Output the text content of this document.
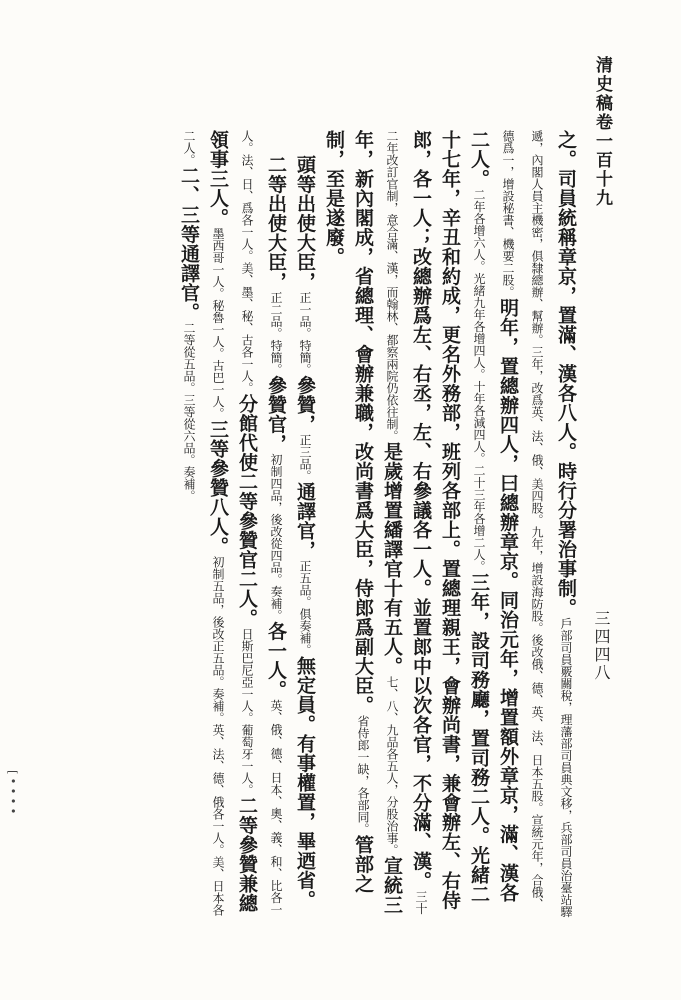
清史稿卷一百十九
三四四八

之。司員統稱章京，置滿、漢各八人。時行分署治事制。戶部司員覈關稅，理藩部司員典文移，兵部司員治臺站驛遞，內閣人員主機密，俱隸總辦、幫辦。三年，改爲英、法、俄、美四股。九年，增設海防股。後改俄、德、英、法、日本五股。宣統元年，合俄、德爲一，增設秘書、機要二股。明年，置總辦四人，曰總辦章京。同治元年，增置額外章京，滿、漢各二人。二年各增六人。光緒九年各增四人。十年各減四人。二十三年各增二人。三年，設司務廳，置司務二人。光緒二十七年，辛丑和約成，更名外務部，班列各部上。置總理親王，會辦尚書，兼會辦左、右侍郎，各一人；改總辦爲左、右丞，左、右參議各一人。並置郎中以次各官，不分滿、漢。三十二年改訂官制，意合滿、漢，而翰林、都察兩院仍依往制。是歲增置繙譯官十有五人。七、八、九品各五人，分股治事。宣統三年，新內閣成，省總理、會辦兼職，改尚書爲大臣，侍郎爲副大臣。省侍郎一缺，各部同。管部之制，至是遂廢。

頭等出使大臣，正一品。特簡。參贊，正三品。通譯官，正五品。俱奏補。無定員。有事權置，畢迺省。

二等出使大臣，正二品。特簡。參贊官，初制四品，後改從四品。奏補。各一人。英、俄、德、日本、奧、義、和、比各一人。法、日、爲各一人。美、墨、秘、古各一人。分館代使二等參贊官二人。日斯巴尼亞一人。葡萄牙一人。二等參贊兼總領事三人。墨西哥一人。秘魯一人。古巴一人。三等參贊八人。初制五品，後改正五品。奏補。英、法、德、俄各一人。美、日本各二人。二、三等通譯官。二等從五品。三等從六品。奏補。

[ • • • •
